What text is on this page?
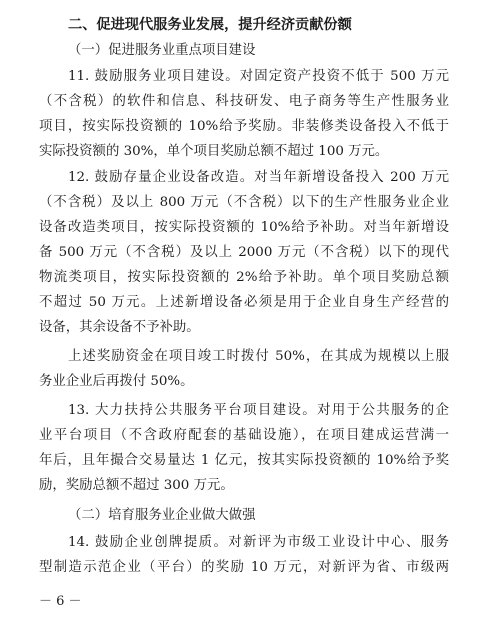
二、促进现代服务业发展，提升经济贡献份额
（一）促进服务业重点项目建设
11. 鼓励服务业项目建设。对固定资产投资不低于 500 万元
（不含税）的软件和信息、科技研发、电子商务等生产性服务业
项目，按实际投资额的 10%给予奖励。非装修类设备投入不低于
实际投资额的 30%，单个项目奖励总额不超过 100 万元。
12. 鼓励存量企业设备改造。对当年新增设备投入 200 万元
（不含税）及以上 800 万元（不含税）以下的生产性服务业企业
设备改造类项目，按实际投资额的 10%给予补助。对当年新增设
备 500 万元（不含税）及以上 2000 万元（不含税）以下的现代
物流类项目，按实际投资额的 2%给予补助。单个项目奖励总额
不超过 50 万元。上述新增设备必须是用于企业自身生产经营的
设备，其余设备不予补助。
上述奖励资金在项目竣工时拨付 50%，在其成为规模以上服
务业企业后再拨付 50%。
13. 大力扶持公共服务平台项目建设。对用于公共服务的企
业平台项目（不含政府配套的基础设施），在项目建成运营满一
年后，且年撮合交易量达 1 亿元，按其实际投资额的 10%给予奖
励，奖励总额不超过 300 万元。
（二）培育服务业企业做大做强
14. 鼓励企业创牌提质。对新评为市级工业设计中心、服务
型制造示范企业（平台）的奖励 10 万元，对新评为省、市级两
－ 6 －
